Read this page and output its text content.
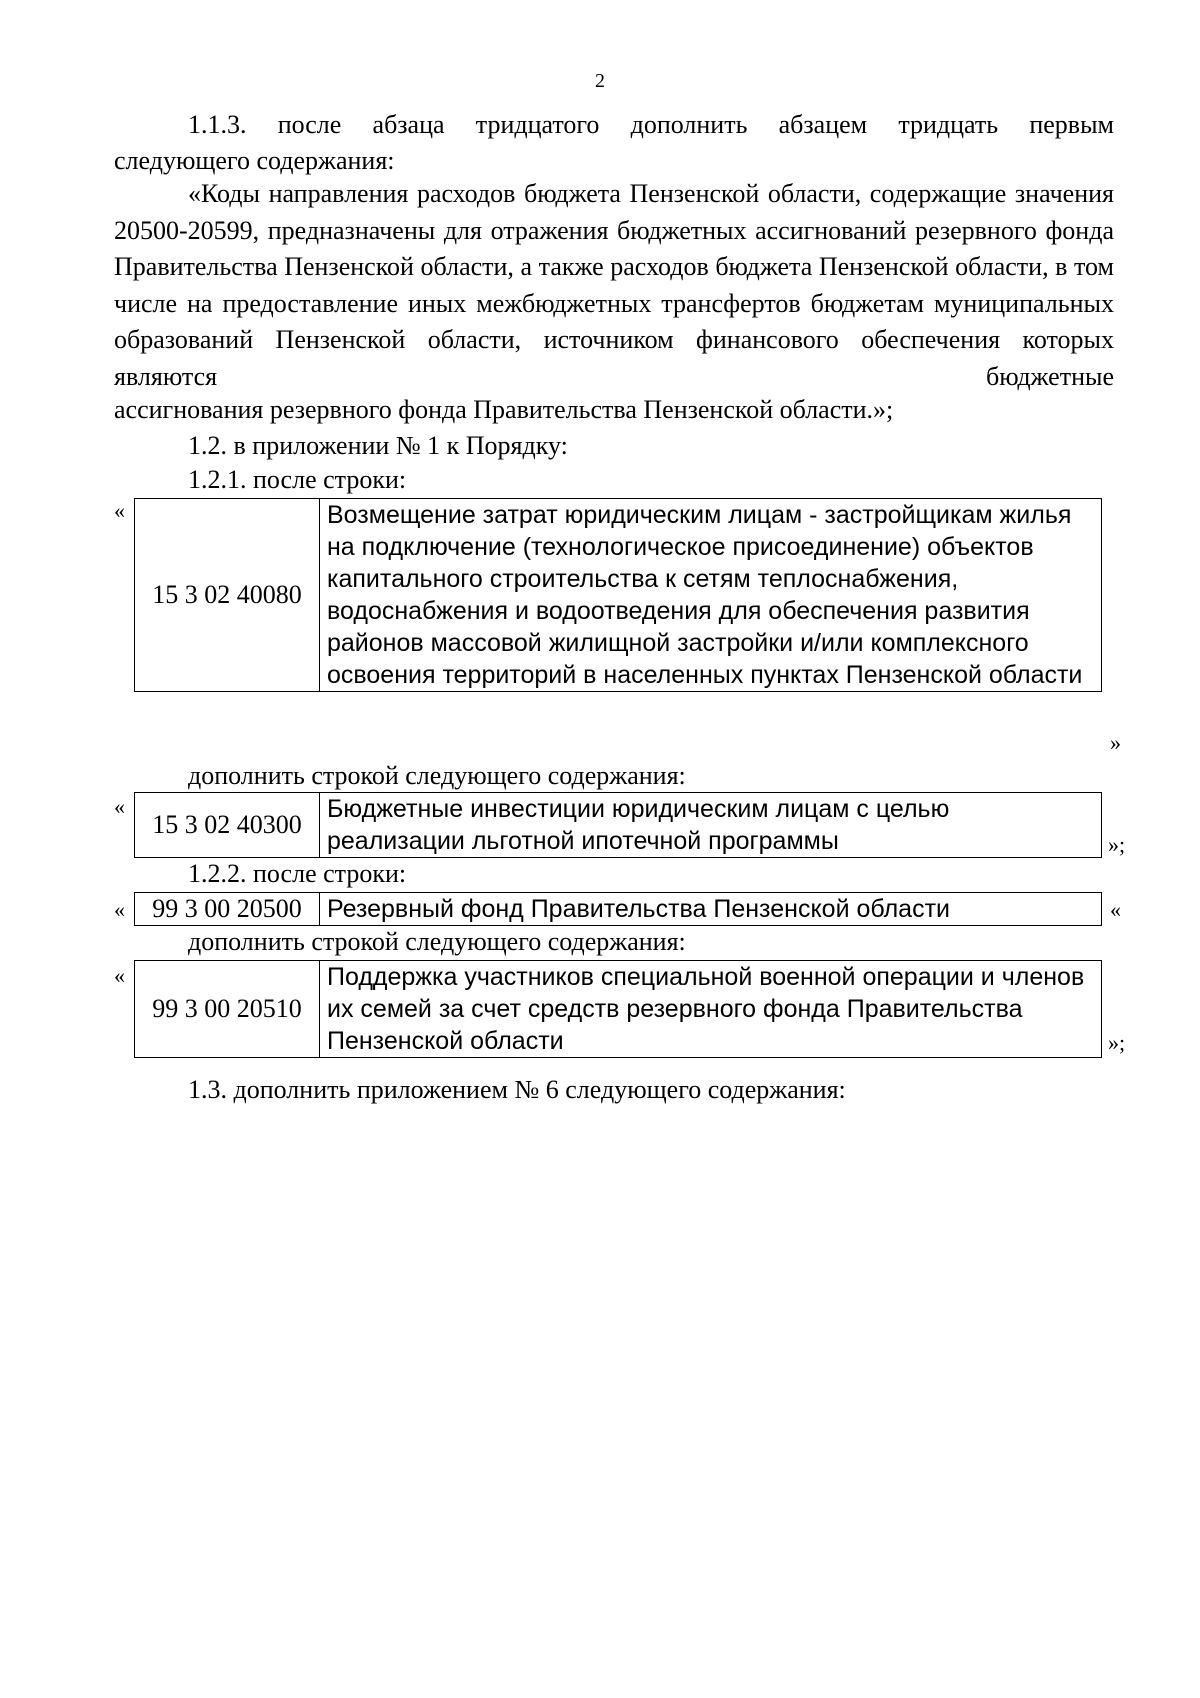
2

1.1.3. после абзаца тридцатого дополнить абзацем тридцать первым

следующего содержания:

«Коды направления расходов бюджета Пензенской области, содержащие значения 20500-20599, предназначены для отражения бюджетных ассигнований резервного фонда Правительства Пензенской области, а также расходов бюджета Пензенской области, в том числе на предоставление иных межбюджетных трансфертов бюджетам муниципальных образований Пензенской области, источником финансового обеспечения которых являются бюджетные

ассигнования резервного фонда Правительства Пензенской области.»;

1.2. в приложении № 1 к Порядку:
1.2.1. после строки:
«
15 3 02 40080	Возмещение затрат юридическим лицам - застройщикам жилья на подключение (технологическое присоединение) объектов капитального строительства к сетям теплоснабжения, водоснабжения и водоотведения для обеспечения развития районов массовой жилищной застройки и/или комплексного освоения территорий в населенных пунктах Пензенской области
»
дополнить строкой следующего содержания:
«
15 3 02 40300	Бюджетные инвестиции юридическим лицам с целью реализации льготной ипотечной программы	»;
1.2.2. после строки:
« 99 3 00 20500	Резервный фонд Правительства Пензенской области	«
дополнить строкой следующего содержания:
«
99 3 00 20510	Поддержка участников специальной военной операции и членов их семей за счет средств резервного фонда Правительства Пензенской области	»;
1.3. дополнить приложением № 6 следующего содержания:
